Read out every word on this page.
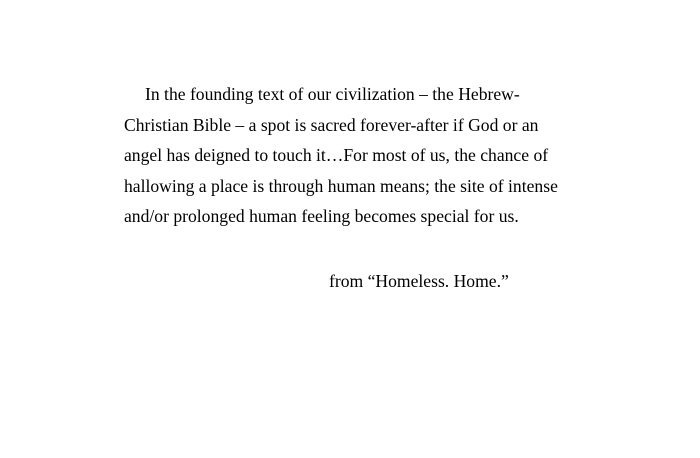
In the founding text of our civilization – the Hebrew-
Christian Bible – a spot is sacred forever-after if God or an
angel has deigned to touch it…For most of us, the chance of
hallowing a place is through human means; the site of intense
and/or prolonged human feeling becomes special for us.
from “Homeless. Home.”
